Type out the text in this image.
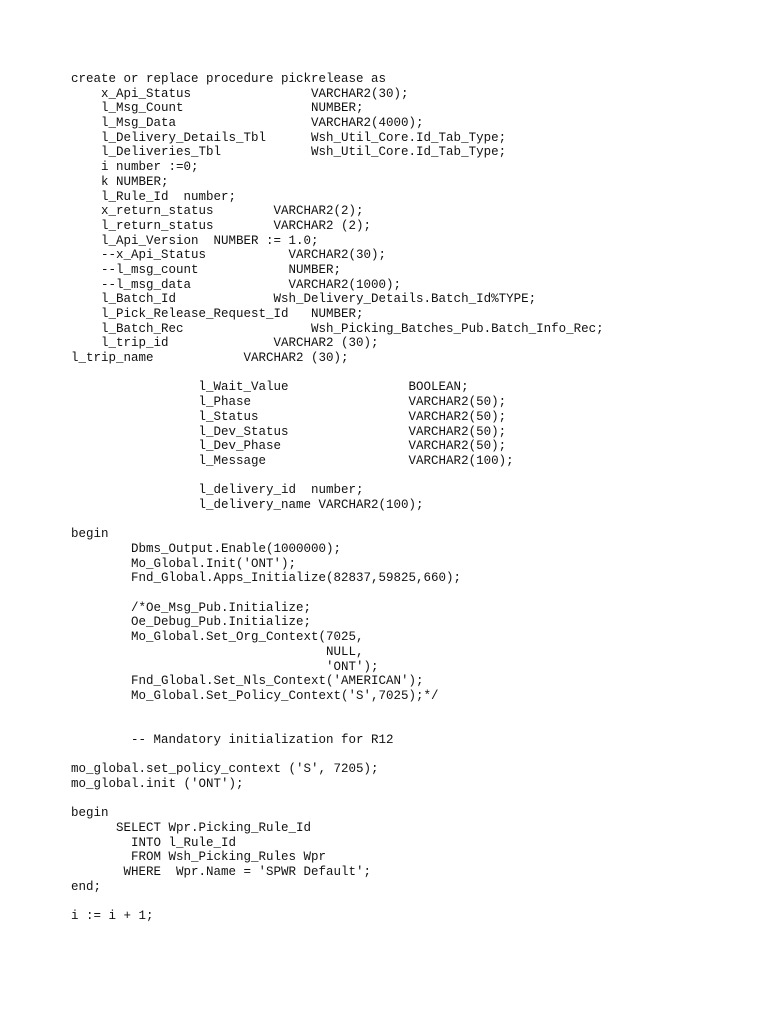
create or replace procedure pickrelease as
x_Api_Status                VARCHAR2(30);
l_Msg_Count                 NUMBER;
l_Msg_Data                  VARCHAR2(4000);
l_Delivery_Details_Tbl      Wsh_Util_Core.Id_Tab_Type;
l_Deliveries_Tbl            Wsh_Util_Core.Id_Tab_Type;
i number :=0;
k NUMBER;
l_Rule_Id  number;
x_return_status        VARCHAR2(2);
l_return_status        VARCHAR2 (2);
l_Api_Version  NUMBER := 1.0;
--x_Api_Status           VARCHAR2(30);
--l_msg_count            NUMBER;
--l_msg_data             VARCHAR2(1000);
l_Batch_Id             Wsh_Delivery_Details.Batch_Id%TYPE;
l_Pick_Release_Request_Id   NUMBER;
l_Batch_Rec                 Wsh_Picking_Batches_Pub.Batch_Info_Rec;
l_trip_id              VARCHAR2 (30);
l_trip_name            VARCHAR2 (30);
l_Wait_Value                BOOLEAN;
l_Phase                     VARCHAR2(50);
l_Status                    VARCHAR2(50);
l_Dev_Status                VARCHAR2(50);
l_Dev_Phase                 VARCHAR2(50);
l_Message                   VARCHAR2(100);
l_delivery_id  number;
l_delivery_name VARCHAR2(100);
begin
Dbms_Output.Enable(1000000);
Mo_Global.Init('ONT');
Fnd_Global.Apps_Initialize(82837,59825,660);
/*Oe_Msg_Pub.Initialize;
Oe_Debug_Pub.Initialize;
Mo_Global.Set_Org_Context(7025,
NULL,
'ONT');
Fnd_Global.Set_Nls_Context('AMERICAN');
Mo_Global.Set_Policy_Context('S',7025);*/
-- Mandatory initialization for R12
mo_global.set_policy_context ('S', 7205);
mo_global.init ('ONT');
begin
SELECT Wpr.Picking_Rule_Id
INTO l_Rule_Id
FROM Wsh_Picking_Rules Wpr
WHERE  Wpr.Name = 'SPWR Default';
end;
i := i + 1;
